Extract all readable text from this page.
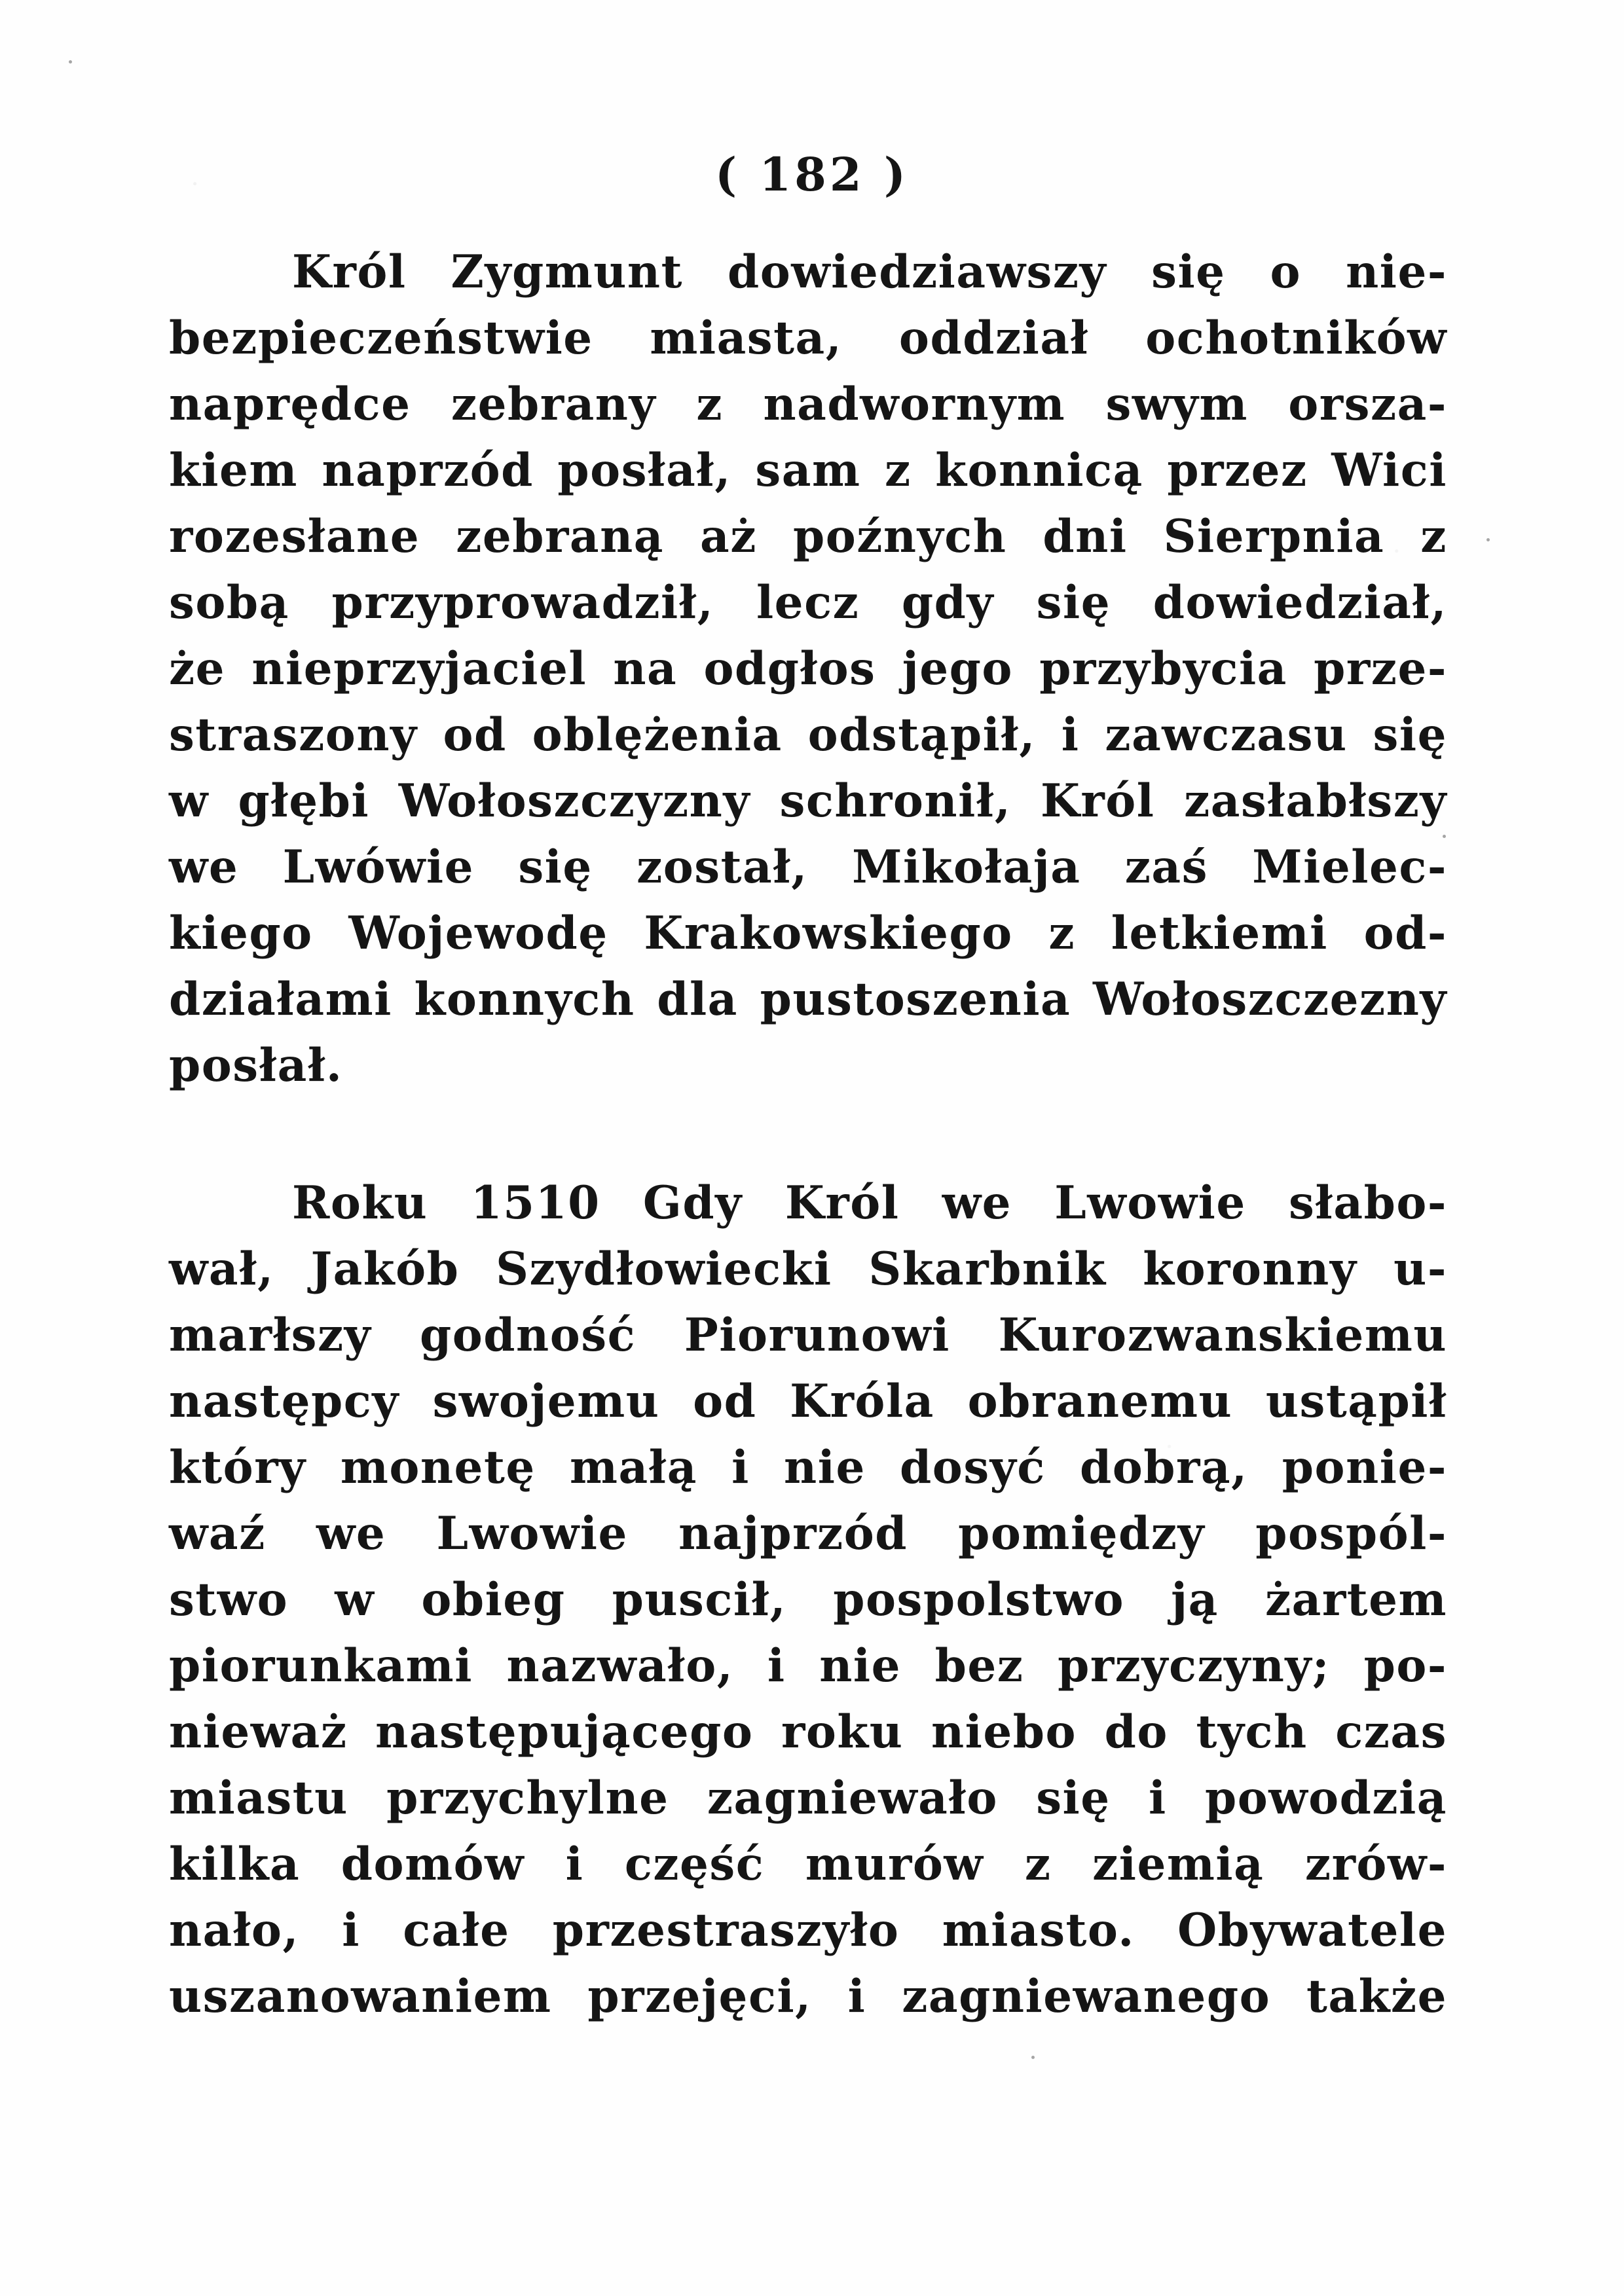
( 182 )

Król Zygmunt dowiedziawszy się o nie-

bezpieczeństwie miasta, oddział ochotników

naprędce zebrany z nadwornym swym orsza-

kiem naprzód posłał, sam z konnicą przez Wici

rozesłane zebraną aż poźnych dni Sierpnia z

sobą przyprowadził, lecz gdy się dowiedział,

że nieprzyjaciel na odgłos jego przybycia prze-

straszony od oblężenia odstąpił, i zawczasu się

w głębi Wołoszczyzny schronił, Król zasłabłszy

we Lwówie się został, Mikołaja zaś Mielec-

kiego Wojewodę Krakowskiego z letkiemi od-

działami konnych dla pustoszenia Wołoszczezny

posłał.

Roku 1510 Gdy Król we Lwowie słabo-

wał, Jakób Szydłowiecki Skarbnik koronny u-

marłszy godność Piorunowi Kurozwanskiemu

następcy swojemu od Króla obranemu ustąpił

który monetę małą i nie dosyć dobrą, ponie-

waź we Lwowie najprzód pomiędzy pospól-

stwo w obieg puscił, pospolstwo ją żartem

piorunkami nazwało, i nie bez przyczyny; po-

nieważ następującego roku niebo do tych czas

miastu przychylne zagniewało się i powodzią

kilka domów i część murów z ziemią zrów-

nało, i całe przestraszyło miasto. Obywatele

uszanowaniem przejęci, i zagniewanego także
